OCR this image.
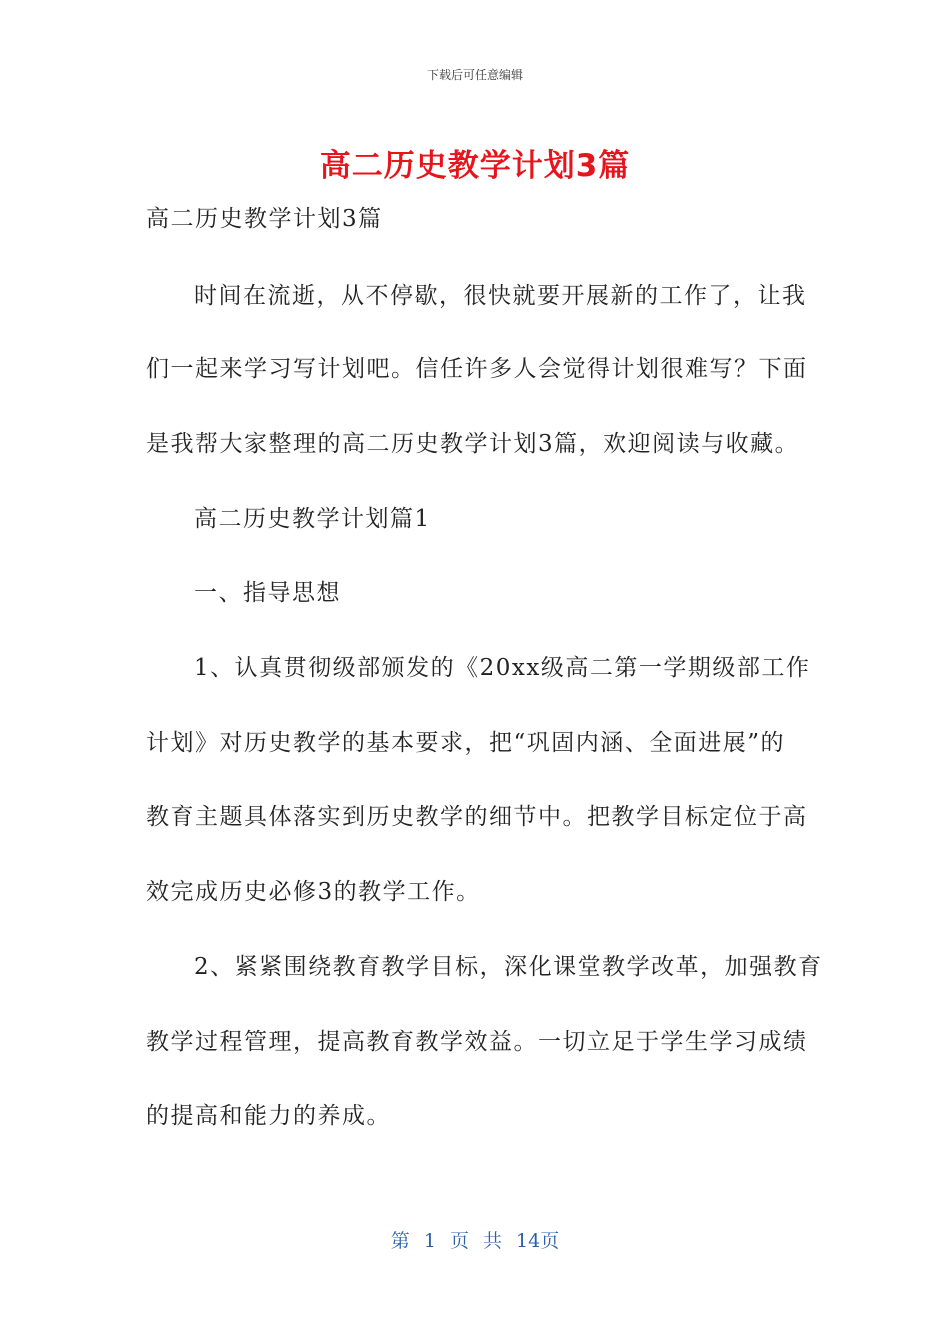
下载后可任意编辑
高二历史教学计划3篇
高二历史教学计划3篇
时间在流逝，从不停歇，很快就要开展新的工作了，让我
们一起来学习写计划吧。信任许多人会觉得计划很难写？下面
是我帮大家整理的高二历史教学计划3篇，欢迎阅读与收藏。
高二历史教学计划篇1
一、指导思想
1、认真贯彻级部颁发的《20xx级高二第一学期级部工作
计划》对历史教学的基本要求，把“巩固内涵、全面进展”的
教育主题具体落实到历史教学的细节中。把教学目标定位于高
效完成历史必修3的教学工作。
2、紧紧围绕教育教学目标，深化课堂教学改革，加强教育
教学过程管理，提高教育教学效益。一切立足于学生学习成绩
的提高和能力的养成。
第 1 页 共 14页
